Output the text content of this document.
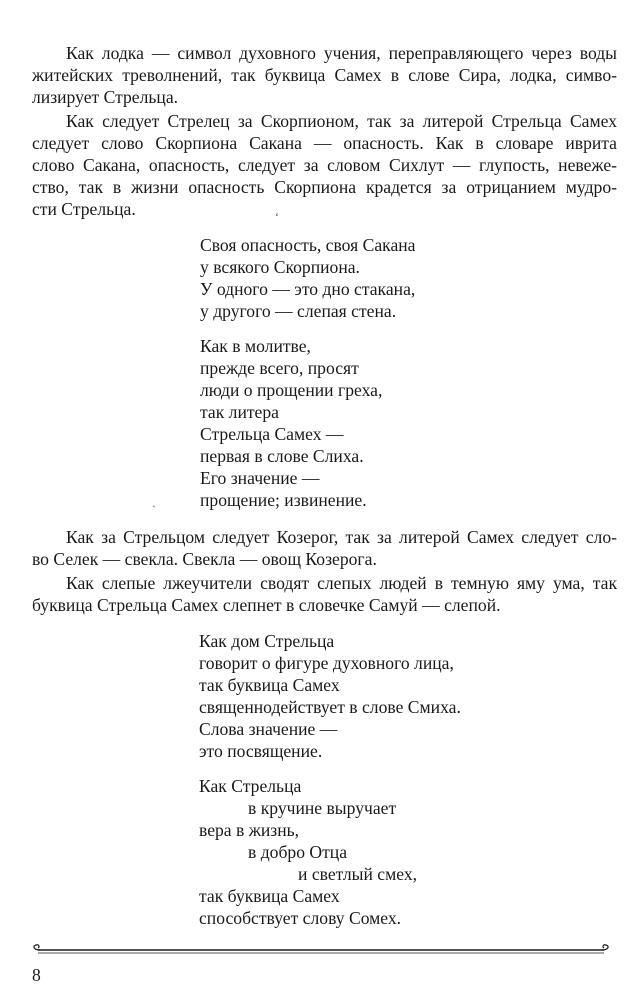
Как лодка — символ духовного учения, переправляющего через воды
житейских треволнений, так буквица Самех в слове Сира, лодка, симво-
лизирует Стрельца.
Как следует Стрелец за Скорпионом, так за литерой Стрельца Самех
следует слово Скорпиона Сакана — опасность. Как в словаре иврита
слово Сакана, опасность, следует за словом Сихлут — глупость, невеже-
ство, так в жизни опасность Скорпиона крадется за отрицанием мудро-
сти Стрельца.
Своя опасность, своя Сакана
у всякого Скорпиона.
У одного — это дно стакана,
у другого — слепая стена.
Как в молитве,
прежде всего, просят
люди о прощении греха,
так литера
Стрельца Самех —
первая в слове Слиха.
Его значение —
прощение; извинение.
Как за Стрельцом следует Козерог, так за литерой Самех следует сло-
во Селек — свекла. Свекла — овощ Козерога.
Как слепые лжеучители сводят слепых людей в темную яму ума, так
буквица Стрельца Самех слепнет в словечке Самуй — слепой.
Как дом Стрельца
говорит о фигуре духовного лица,
так буквица Самех
священнодействует в слове Смиха.
Слова значение —
это посвящение.
Как Стрельца
в кручине выручает
вера в жизнь,
в добро Отца
и светлый смех,
так буквица Самех
способствует слову Сомех.
ʻ
ˎ
8
